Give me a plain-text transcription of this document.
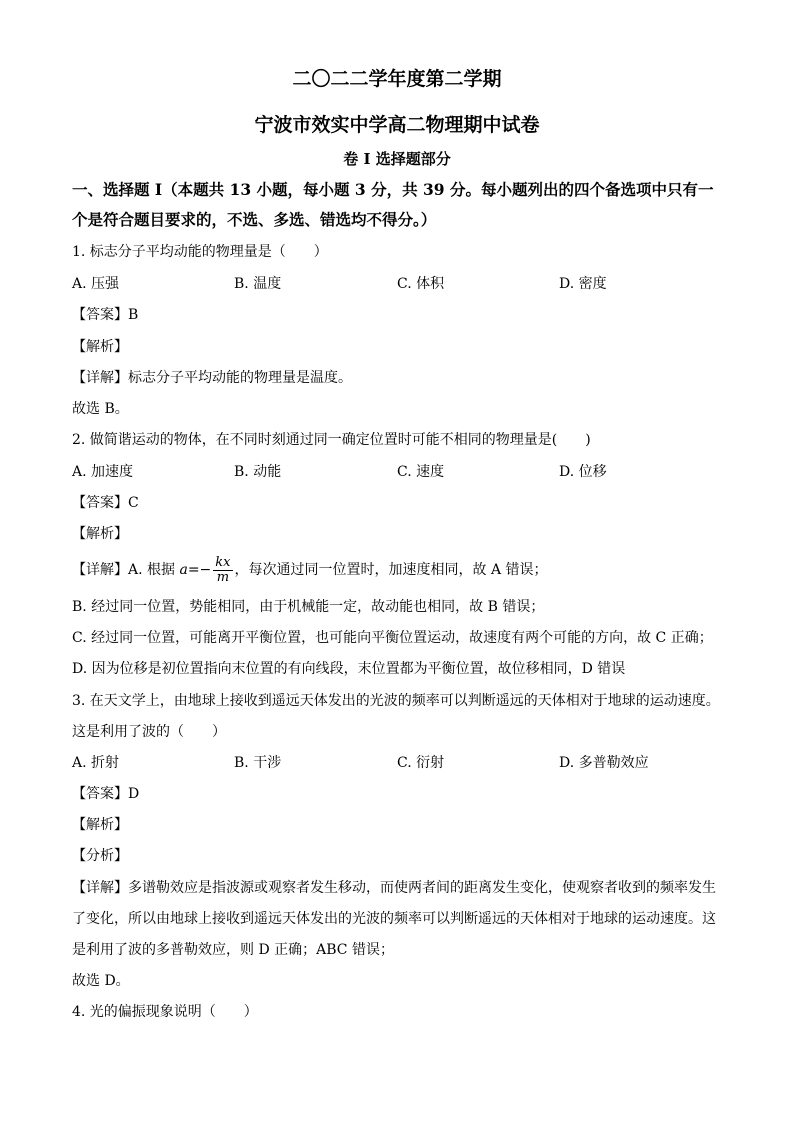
二〇二二学年度第二学期
宁波市效实中学高二物理期中试卷
卷 I 选择题部分
一、选择题 I（本题共 13 小题，每小题 3 分，共 39 分。每小题列出的四个备选项中只有一
个是符合题目要求的，不选、多选、错选均不得分。）
1. 标志分子平均动能的物理量是（　　）
A. 压强	B. 温度	C. 体积	D. 密度
【答案】B
【解析】
【详解】标志分子平均动能的物理量是温度。
故选 B。
2. 做简谐运动的物体，在不同时刻通过同一确定位置时可能不相同的物理量是(　　)
A. 加速度	B. 动能	C. 速度	D. 位移
【答案】C
【解析】
【详解】A. 根据 $a=- \frac{kx}{m}$ ，每次通过同一位置时，加速度相同，故 A 错误；
B. 经过同一位置，势能相同，由于机械能一定，故动能也相同，故 B 错误；
C. 经过同一位置，可能离开平衡位置，也可能向平衡位置运动，故速度有两个可能的方向，故 C 正确；
D. 因为位移是初位置指向末位置的有向线段，末位置都为平衡位置，故位移相同，D 错误
3. 在天文学上，由地球上接收到遥远天体发出的光波的频率可以判断遥远的天体相对于地球的运动速度。
这是利用了波的（　　）
A. 折射	B. 干涉	C. 衍射	D. 多普勒效应
【答案】D
【解析】
【分析】
【详解】多谱勒效应是指波源或观察者发生移动，而使两者间的距离发生变化，使观察者收到的频率发生
了变化，所以由地球上接收到遥远天体发出的光波的频率可以判断遥远的天体相对于地球的运动速度。这
是利用了波的多普勒效应，则 D 正确；ABC 错误；
故选 D。
4. 光的偏振现象说明（　　）
